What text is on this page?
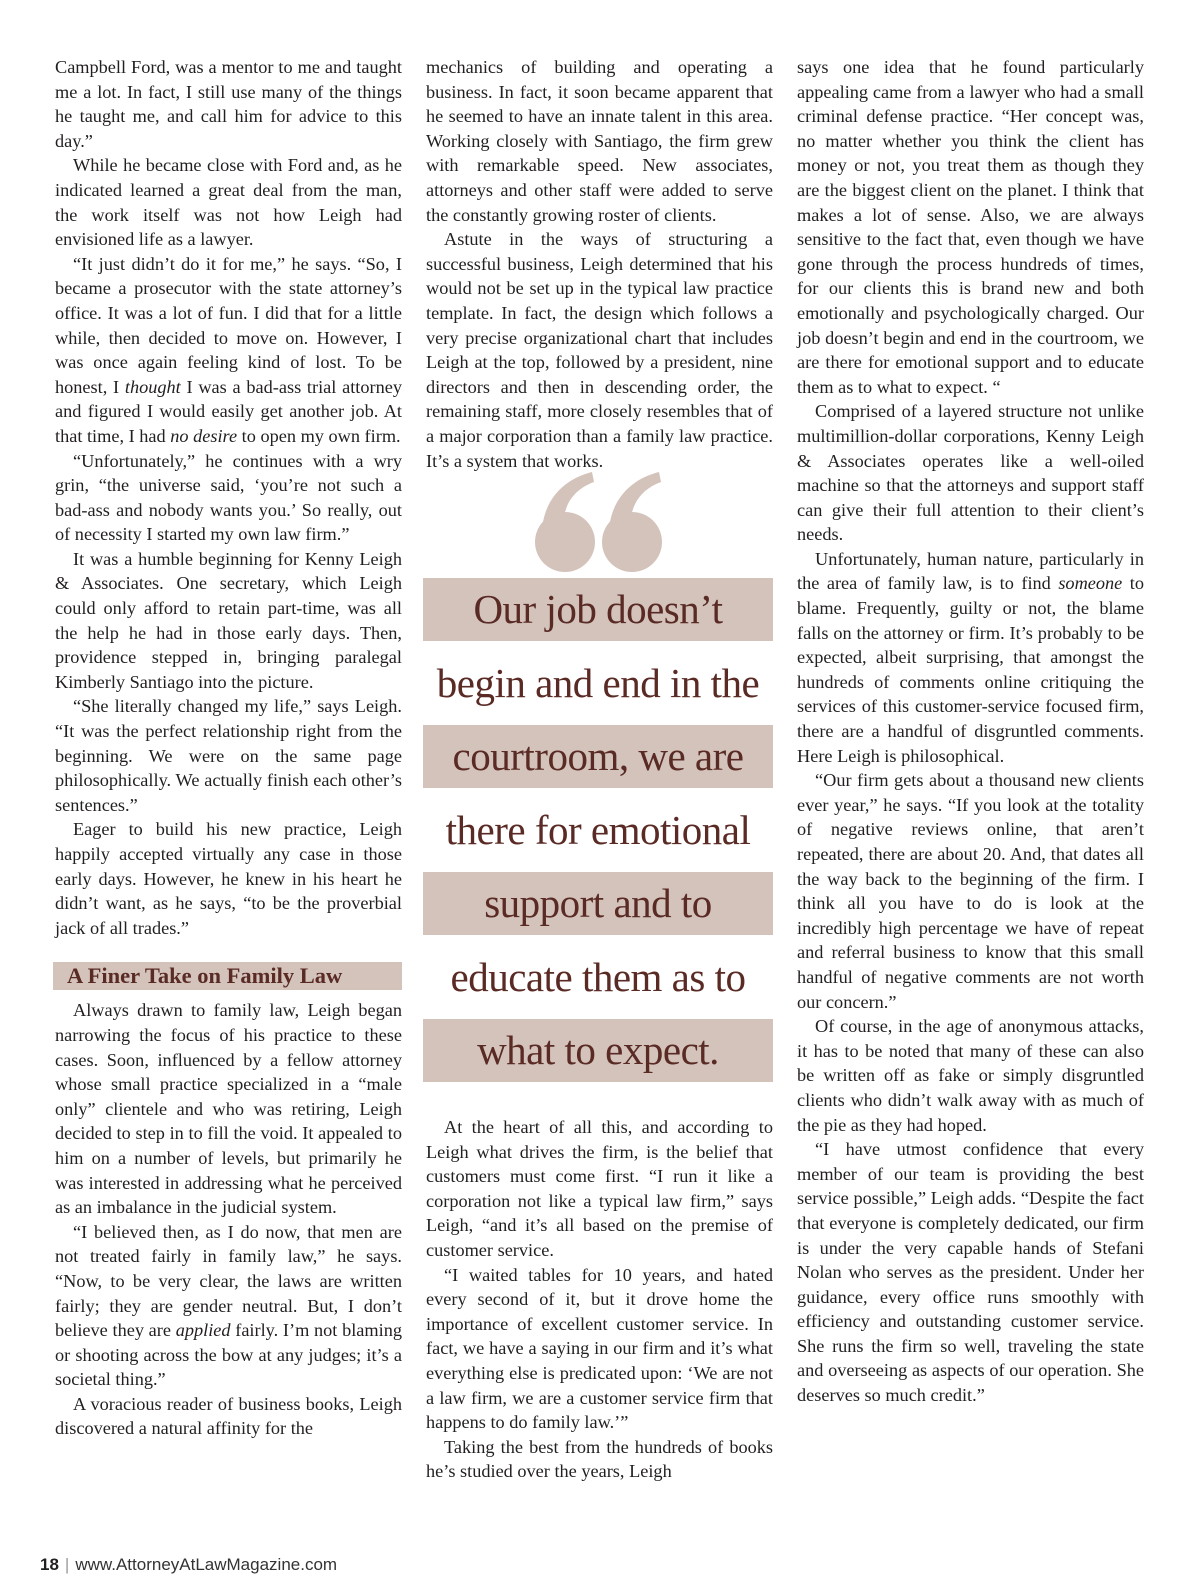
Campbell Ford, was a mentor to me and taught me a lot. In fact, I still use many of the things he taught me, and call him for advice to this day.”

While he became close with Ford and, as he indicated learned a great deal from the man, the work itself was not how Leigh had envisioned life as a lawyer.

“It just didn’t do it for me,” he says. “So, I became a prosecutor with the state attorney’s office. It was a lot of fun. I did that for a little while, then decided to move on. However, I was once again feeling kind of lost. To be honest, I thought I was a bad-ass trial attorney and figured I would easily get another job. At that time, I had no desire to open my own firm.

“Unfortunately,” he continues with a wry grin, “the universe said, ‘you’re not such a bad-ass and nobody wants you.’ So really, out of necessity I started my own law firm.”

It was a humble beginning for Kenny Leigh & Associates. One secretary, which Leigh could only afford to retain part-time, was all the help he had in those early days. Then, providence stepped in, bringing paralegal Kimberly Santiago into the picture.

“She literally changed my life,” says Leigh. “It was the perfect relationship right from the beginning. We were on the same page philosophically. We actually finish each other’s sentences.”

Eager to build his new practice, Leigh happily accepted virtually any case in those early days. However, he knew in his heart he didn’t want, as he says, “to be the proverbial jack of all trades.”

A Finer Take on Family Law

Always drawn to family law, Leigh began narrowing the focus of his practice to these cases. Soon, influenced by a fellow attorney whose small practice specialized in a “male only” clientele and who was retiring, Leigh decided to step in to fill the void. It appealed to him on a number of levels, but primarily he was interested in addressing what he perceived as an imbalance in the judicial system.

“I believed then, as I do now, that men are not treated fairly in family law,” he says. “Now, to be very clear, the laws are written fairly; they are gender neutral. But, I don’t believe they are applied fairly. I’m not blaming or shooting across the bow at any judges; it’s a societal thing.”

A voracious reader of business books, Leigh discovered a natural affinity for the

mechanics of building and operating a business. In fact, it soon became apparent that he seemed to have an innate talent in this area. Working closely with Santiago, the firm grew with remarkable speed. New associates, attorneys and other staff were added to serve the constantly growing roster of clients.

Astute in the ways of structuring a successful business, Leigh determined that his would not be set up in the typical law practice template. In fact, the design which follows a very precise organizational chart that includes Leigh at the top, followed by a president, nine directors and then in descending order, the remaining staff, more closely resembles that of a major corporation than a family law practice. It’s a system that works.

Our job doesn’t
begin and end in the
courtroom, we are
there for emotional
support and to
educate them as to
what to expect.

At the heart of all this, and according to Leigh what drives the firm, is the belief that customers must come first. “I run it like a corporation not like a typical law firm,” says Leigh, “and it’s all based on the premise of customer service.

“I waited tables for 10 years, and hated every second of it, but it drove home the importance of excellent customer service. In fact, we have a saying in our firm and it’s what everything else is predicated upon: ‘We are not a law firm, we are a customer service firm that happens to do family law.’”

Taking the best from the hundreds of books he’s studied over the years, Leigh

says one idea that he found particularly appealing came from a lawyer who had a small criminal defense practice. “Her concept was, no matter whether you think the client has money or not, you treat them as though they are the biggest client on the planet. I think that makes a lot of sense. Also, we are always sensitive to the fact that, even though we have gone through the process hundreds of times, for our clients this is brand new and both emotionally and psychologically charged. Our job doesn’t begin and end in the courtroom, we are there for emotional support and to educate them as to what to expect. “

Comprised of a layered structure not unlike multimillion-dollar corporations, Kenny Leigh & Associates operates like a well-oiled machine so that the attorneys and support staff can give their full attention to their client’s needs.

Unfortunately, human nature, particularly in the area of family law, is to find someone to blame. Frequently, guilty or not, the blame falls on the attorney or firm. It’s probably to be expected, albeit surprising, that amongst the hundreds of comments online critiquing the services of this customer-service focused firm, there are a handful of disgruntled comments. Here Leigh is philosophical.

“Our firm gets about a thousand new clients ever year,” he says. “If you look at the totality of negative reviews online, that aren’t repeated, there are about 20. And, that dates all the way back to the beginning of the firm. I think all you have to do is look at the incredibly high percentage we have of repeat and referral business to know that this small handful of negative comments are not worth our concern.”

Of course, in the age of anonymous attacks, it has to be noted that many of these can also be written off as fake or simply disgruntled clients who didn’t walk away with as much of the pie as they had hoped.

“I have utmost confidence that every member of our team is providing the best service possible,” Leigh adds. “Despite the fact that everyone is completely dedicated, our firm is under the very capable hands of Stefani Nolan who serves as the president. Under her guidance, every office runs smoothly with efficiency and outstanding customer service. She runs the firm so well, traveling the state and overseeing as aspects of our operation. She deserves so much credit.”

18 | www.AttorneyAtLawMagazine.com
